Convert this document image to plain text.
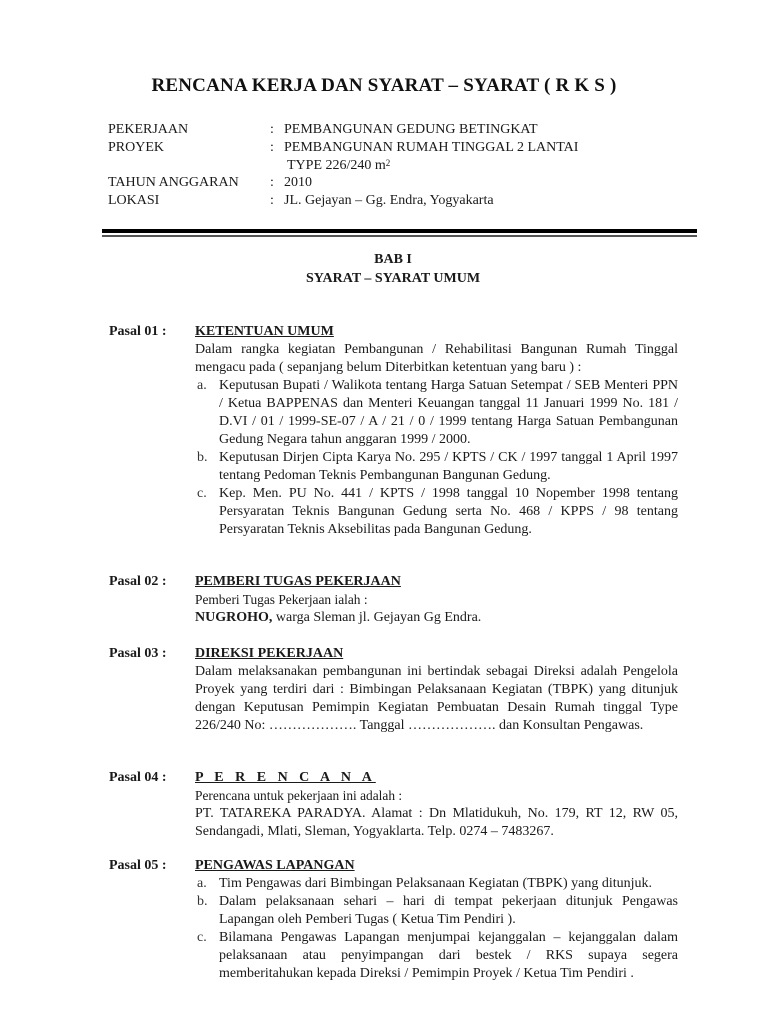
RENCANA KERJA DAN SYARAT – SYARAT ( R K S )
PEKERJAAN	: PEMBANGUNAN GEDUNG BETINGKAT
PROYEK	: PEMBANGUNAN RUMAH TINGGAL 2 LANTAI
TYPE 226/240 $m^2$
TAHUN ANGGARAN	: 2010
LOKASI	: JL. Gejayan – Gg. Endra, Yogyakarta
BAB I
SYARAT – SYARAT UMUM
Pasal 01 :	KETENTUAN UMUM
Dalam rangka kegiatan Pembangunan / Rehabilitasi Bangunan Rumah Tinggal mengacu pada ( sepanjang belum Diterbitkan ketentuan yang baru ) :
a. Keputusan Bupati / Walikota tentang Harga Satuan Setempat / SEB Menteri PPN / Ketua BAPPENAS dan Menteri Keuangan tanggal 11 Januari 1999 No. 181 / D.VI / 01 / 1999-SE-07 / A / 21 / 0 / 1999 tentang Harga Satuan Pembangunan Gedung Negara tahun anggaran 1999 / 2000.
b. Keputusan Dirjen Cipta Karya No. 295 / KPTS / CK / 1997 tanggal 1 April 1997 tentang Pedoman Teknis Pembangunan Bangunan Gedung.
c. Kep. Men. PU No. 441 / KPTS / 1998 tanggal 10 Nopember 1998 tentang Persyaratan Teknis Bangunan Gedung serta No. 468 / KPPS / 98 tentang Persyaratan Teknis Aksebilitas pada Bangunan Gedung.
Pasal 02 :	PEMBERI TUGAS PEKERJAAN
Pemberi Tugas Pekerjaan ialah :
NUGROHO, warga Sleman jl. Gejayan Gg Endra.
Pasal 03 :	DIREKSI PEKERJAAN
Dalam melaksanakan pembangunan ini bertindak sebagai Direksi adalah Pengelola Proyek yang terdiri dari : Bimbingan Pelaksanaan Kegiatan (TBPK) yang ditunjuk dengan Keputusan Pemimpin Kegiatan Pembuatan Desain Rumah tinggal Type 226/240 No: ………………. Tanggal ………………. dan Konsultan Pengawas.
Pasal 04 :	P E R E N C A N A
Perencana untuk pekerjaan ini adalah :
PT. TATAREKA PARADYA. Alamat : Dn Mlatidukuh, No. 179, RT 12, RW 05, Sendangadi, Mlati, Sleman, Yogyaklarta. Telp. 0274 – 7483267.
Pasal 05 :	PENGAWAS LAPANGAN
a. Tim Pengawas dari Bimbingan Pelaksanaan Kegiatan (TBPK) yang ditunjuk.
b. Dalam pelaksanaan sehari – hari di tempat pekerjaan ditunjuk Pengawas Lapangan oleh Pemberi Tugas ( Ketua Tim Pendiri ).
c. Bilamana Pengawas Lapangan menjumpai kejanggalan – kejanggalan dalam pelaksanaan atau penyimpangan dari bestek / RKS supaya segera memberitahukan kepada Direksi / Pemimpin Proyek / Ketua Tim Pendiri .
